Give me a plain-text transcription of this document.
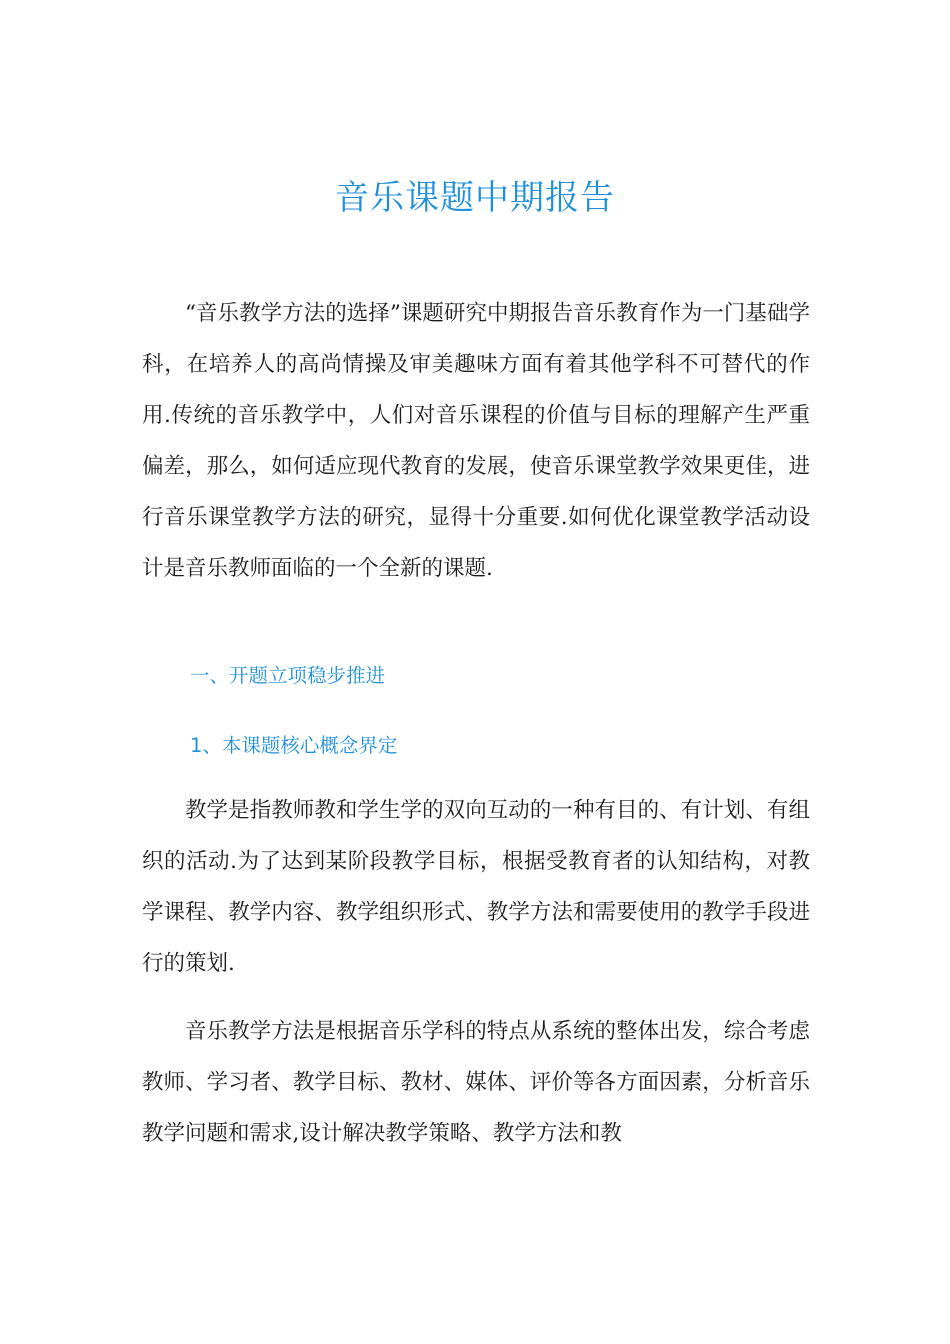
音乐课题中期报告

“音乐教学方法的选择”课题研究中期报告音乐教育作为一门基础学科，在培养人的高尚情操及审美趣味方面有着其他学科不可替代的作用.传统的音乐教学中，人们对音乐课程的价值与目标的理解产生严重偏差，那么，如何适应现代教育的发展，使音乐课堂教学效果更佳，进行音乐课堂教学方法的研究，显得十分重要.如何优化课堂教学活动设计是音乐教师面临的一个全新的课题.

一、开题立项稳步推进
1、本课题核心概念界定

教学是指教师教和学生学的双向互动的一种有目的、有计划、有组织的活动.为了达到某阶段教学目标，根据受教育者的认知结构，对教学课程、教学内容、教学组织形式、教学方法和需要使用的教学手段进行的策划.

音乐教学方法是根据音乐学科的特点从系统的整体出发，综合考虑教师、学习者、教学目标、教材、媒体、评价等各方面因素，分析音乐教学问题和需求,设计解决教学策略、教学方法和教
